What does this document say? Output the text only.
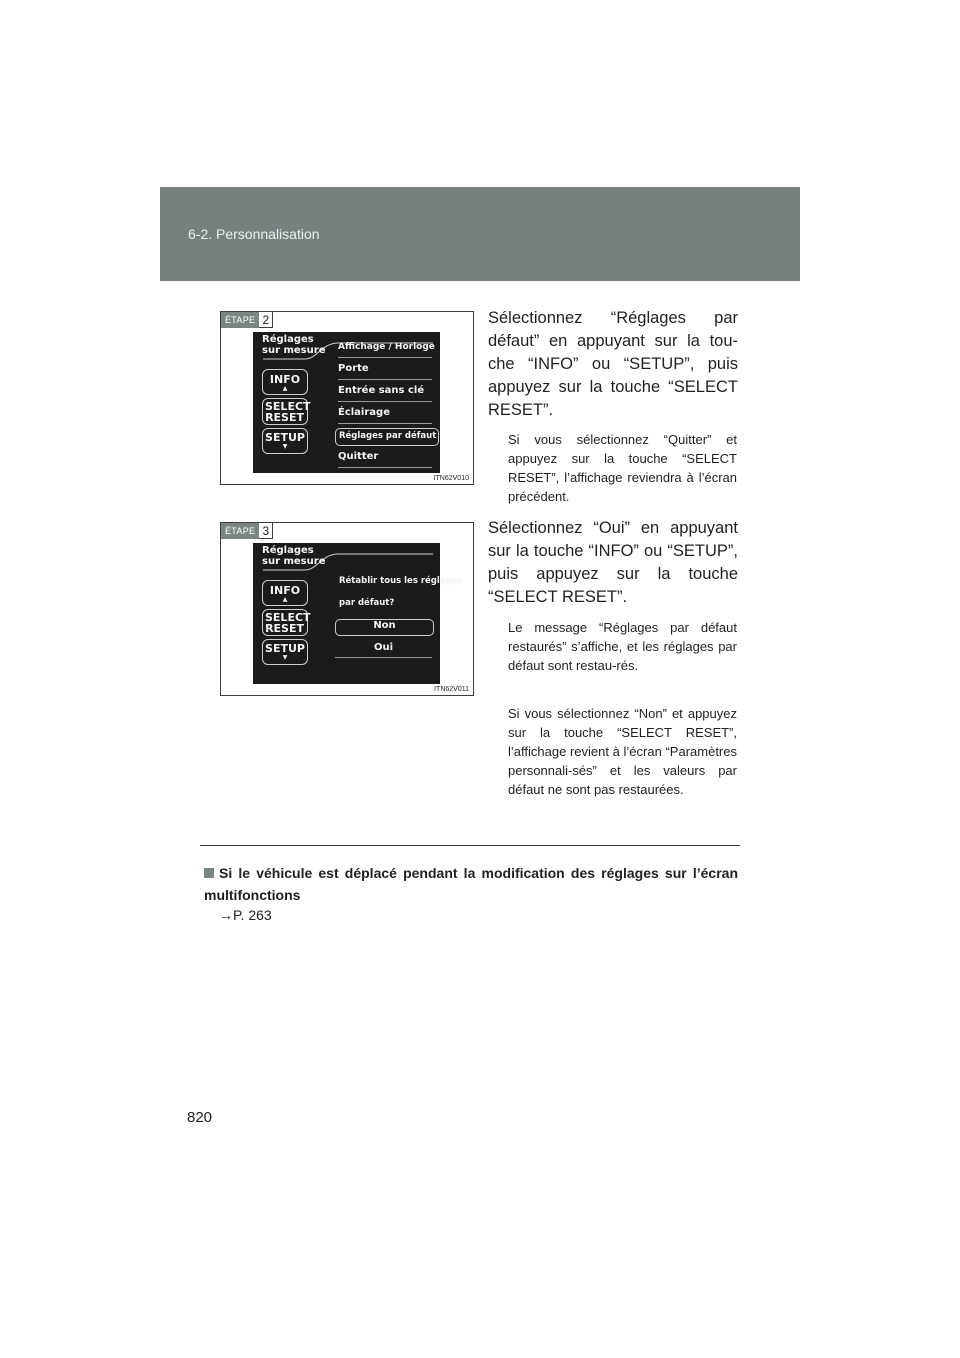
6-2. Personnalisation
ÉTAPE 2
Réglages
sur mesure
INFO
▲
SELECT
RESET
SETUP
▼
Affichage / Horloge
Porte
Entrée sans clé
Éclairage
Réglages par défaut
Quitter
ITN62V010
Sélectionnez “Réglages par défaut” en appuyant sur la tou-che “INFO” ou “SETUP”, puis appuyez sur la touche “SELECT RESET”.
Si vous sélectionnez “Quitter” et appuyez sur la touche “SELECT RESET”, l’affichage reviendra à l’écran précédent.
ÉTAPE 3
Réglages
sur mesure
INFO
▲
SELECT
RESET
SETUP
▼
Rétablir tous les réglages
par défaut?
Non
Oui
ITN62V011
Sélectionnez “Oui” en appuyant sur la touche “INFO” ou “SETUP”, puis appuyez sur la touche “SELECT RESET”.
Le message “Réglages par défaut restaurés” s’affiche, et les réglages par défaut sont restau-rés.
Si vous sélectionnez “Non” et appuyez sur la touche “SELECT RESET”, l’affichage revient à l’écran “Paramètres personnali-sés” et les valeurs par défaut ne sont pas restaurées.
Si le véhicule est déplacé pendant la modification des réglages sur l’écran multifonctions
→P. 263
820
